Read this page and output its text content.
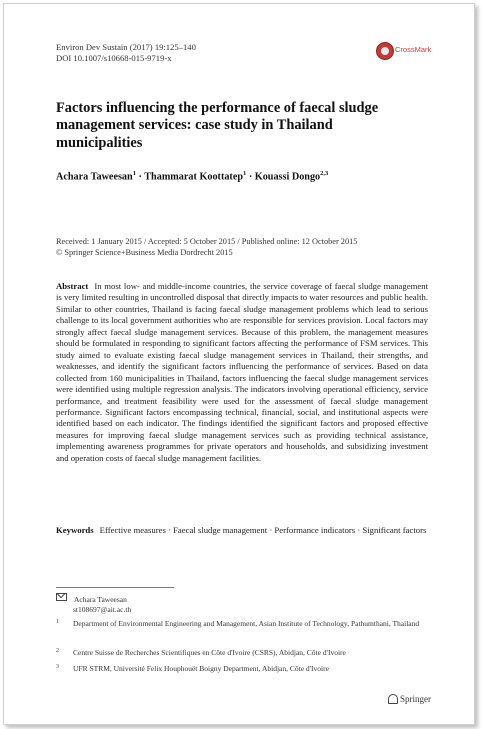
Environ Dev Sustain (2017) 19:125–140
DOI 10.1007/s10668-015-9719-x
CrossMark
Factors influencing the performance of faecal sludge management services: case study in Thailand municipalities
Achara Taweesan$^1$ · Thammarat Koottatep$^1$ · Kouassi Dongo$^{2,3}$
Received: 1 January 2015 / Accepted: 5 October 2015 / Published online: 12 October 2015
© Springer Science+Business Media Dordrecht 2015
Abstract In most low- and middle-income countries, the service coverage of faecal sludge management is very limited resulting in uncontrolled disposal that directly impacts to water resources and public health. Similar to other countries, Thailand is facing faecal sludge management problems which lead to serious challenge to its local government authorities who are responsible for services provision. Local factors may strongly affect faecal sludge management services. Because of this problem, the management measures should be formulated in responding to significant factors affecting the performance of FSM services. This study aimed to evaluate existing faecal sludge management services in Thailand, their strengths, and weaknesses, and identify the significant factors influencing the performance of services. Based on data collected from 160 municipalities in Thailand, factors influencing the faecal sludge management services were identified using multiple regression analysis. The indicators involving operational efficiency, service performance, and treatment feasibility were used for the assessment of faecal sludge management performance. Significant factors encompassing technical, financial, social, and institutional aspects were identified based on each indicator. The findings identified the significant factors and proposed effective measures for improving faecal sludge management services such as providing technical assistance, implementing awareness programmes for private operators and households, and subsidizing investment and operation costs of faecal sludge management facilities.
Keywords Effective measures · Faecal sludge management · Performance indicators · Significant factors
Achara Taweesan
st108697@ait.ac.th
1	Department of Environmental Engineering and Management, Asian Institute of Technology, Pathumthani, Thailand
2	Centre Suisse de Recherches Scientifiques en Côte d'Ivoire (CSRS), Abidjan, Côte d'Ivoire
3	UFR STRM, Université Felix Houphouët Boigny Department, Abidjan, Côte d'Ivoire
Springer
